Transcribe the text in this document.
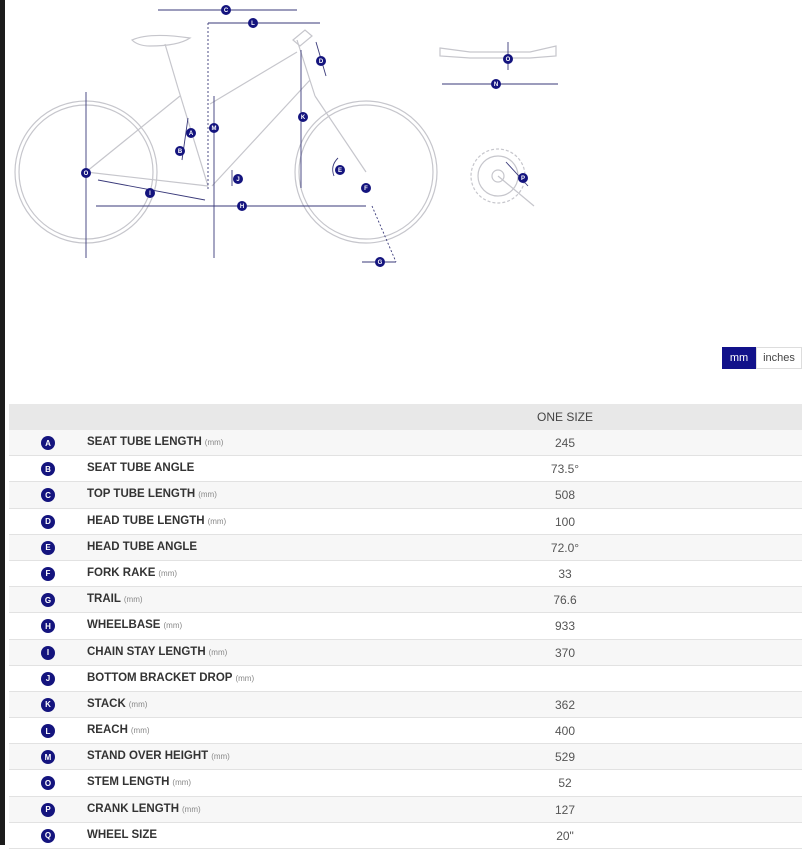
C
L
D
A
B
M
K
O
J
E
F
I
H
G
N
O
P
mm	inches
ONE SIZE
A	SEAT TUBE LENGTH (mm)	245
B	SEAT TUBE ANGLE	73.5°
C	TOP TUBE LENGTH (mm)	508
D	HEAD TUBE LENGTH (mm)	100
E	HEAD TUBE ANGLE	72.0°
F	FORK RAKE (mm)	33
G	TRAIL (mm)	76.6
H	WHEELBASE (mm)	933
I	CHAIN STAY LENGTH (mm)	370
J	BOTTOM BRACKET DROP (mm)
K	STACK (mm)	362
L	REACH (mm)	400
M	STAND OVER HEIGHT (mm)	529
O	STEM LENGTH (mm)	52
P	CRANK LENGTH (mm)	127
Q	WHEEL SIZE	20"
